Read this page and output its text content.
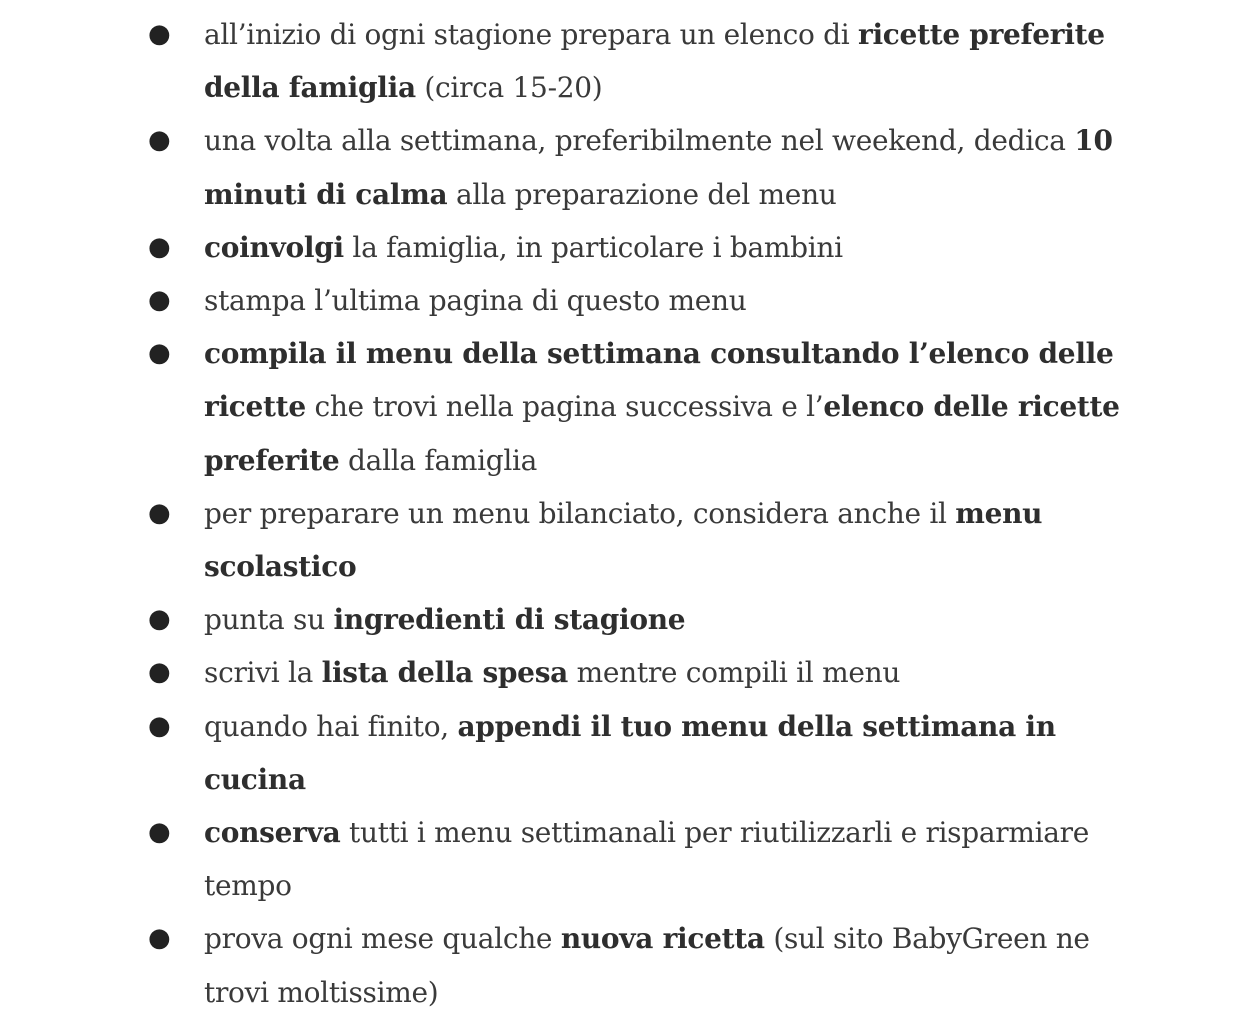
● all’inizio di ogni stagione prepara un elenco di ricette preferite della famiglia (circa 15-20)
● una volta alla settimana, preferibilmente nel weekend, dedica 10 minuti di calma alla preparazione del menu
● coinvolgi la famiglia, in particolare i bambini
● stampa l’ultima pagina di questo menu
● compila il menu della settimana consultando l’elenco delle ricette che trovi nella pagina successiva e l’elenco delle ricette preferite dalla famiglia
● per preparare un menu bilanciato, considera anche il menu scolastico
● punta su ingredienti di stagione
● scrivi la lista della spesa mentre compili il menu
● quando hai finito, appendi il tuo menu della settimana in cucina
● conserva tutti i menu settimanali per riutilizzarli e risparmiare tempo
● prova ogni mese qualche nuova ricetta (sul sito BabyGreen ne trovi moltissime)
